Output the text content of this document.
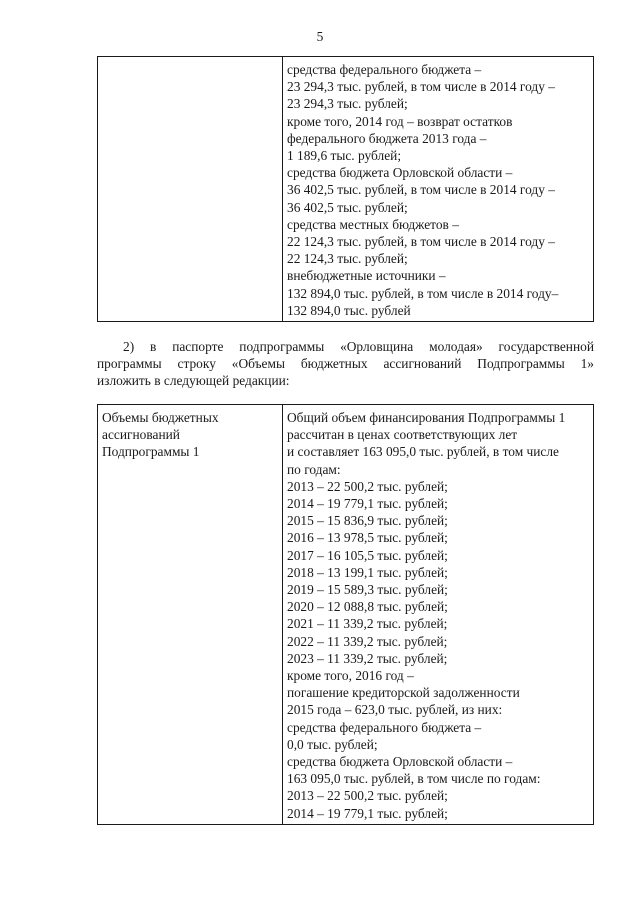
5

средства федерального бюджета –
23 294,3 тыс. рублей, в том числе в 2014 году –
23 294,3 тыс. рублей;
кроме того, 2014 год – возврат остатков
федерального бюджета 2013 года –
1 189,6 тыс. рублей;
средства бюджета Орловской области –
36 402,5 тыс. рублей, в том числе в 2014 году –
36 402,5 тыс. рублей;
средства местных бюджетов –
22 124,3 тыс. рублей, в том числе в 2014 году –
22 124,3 тыс. рублей;
внебюджетные источники –
132 894,0 тыс. рублей, в том числе в 2014 году–
132 894,0 тыс. рублей
2) в паспорте подпрограммы «Орловщина молодая» государственной
программы строку «Объемы бюджетных ассигнований Подпрограммы 1»
изложить в следующей редакции:
Объемы бюджетных
ассигнований
Подпрограммы 1

Общий объем финансирования Подпрограммы 1
рассчитан в ценах соответствующих лет
и составляет 163 095,0 тыс. рублей, в том числе
по годам:
2013 – 22 500,2 тыс. рублей;
2014 – 19 779,1 тыс. рублей;
2015 – 15 836,9 тыс. рублей;
2016 – 13 978,5 тыс. рублей;
2017 – 16 105,5 тыс. рублей;
2018 – 13 199,1 тыс. рублей;
2019 – 15 589,3 тыс. рублей;
2020 – 12 088,8 тыс. рублей;
2021 – 11 339,2 тыс. рублей;
2022 – 11 339,2 тыс. рублей;
2023 – 11 339,2 тыс. рублей;
кроме того, 2016 год –
погашение кредиторской задолженности
2015 года – 623,0 тыс. рублей, из них:
средства федерального бюджета –
0,0 тыс. рублей;
средства бюджета Орловской области –
163 095,0 тыс. рублей, в том числе по годам:
2013 – 22 500,2 тыс. рублей;
2014 – 19 779,1 тыс. рублей;
